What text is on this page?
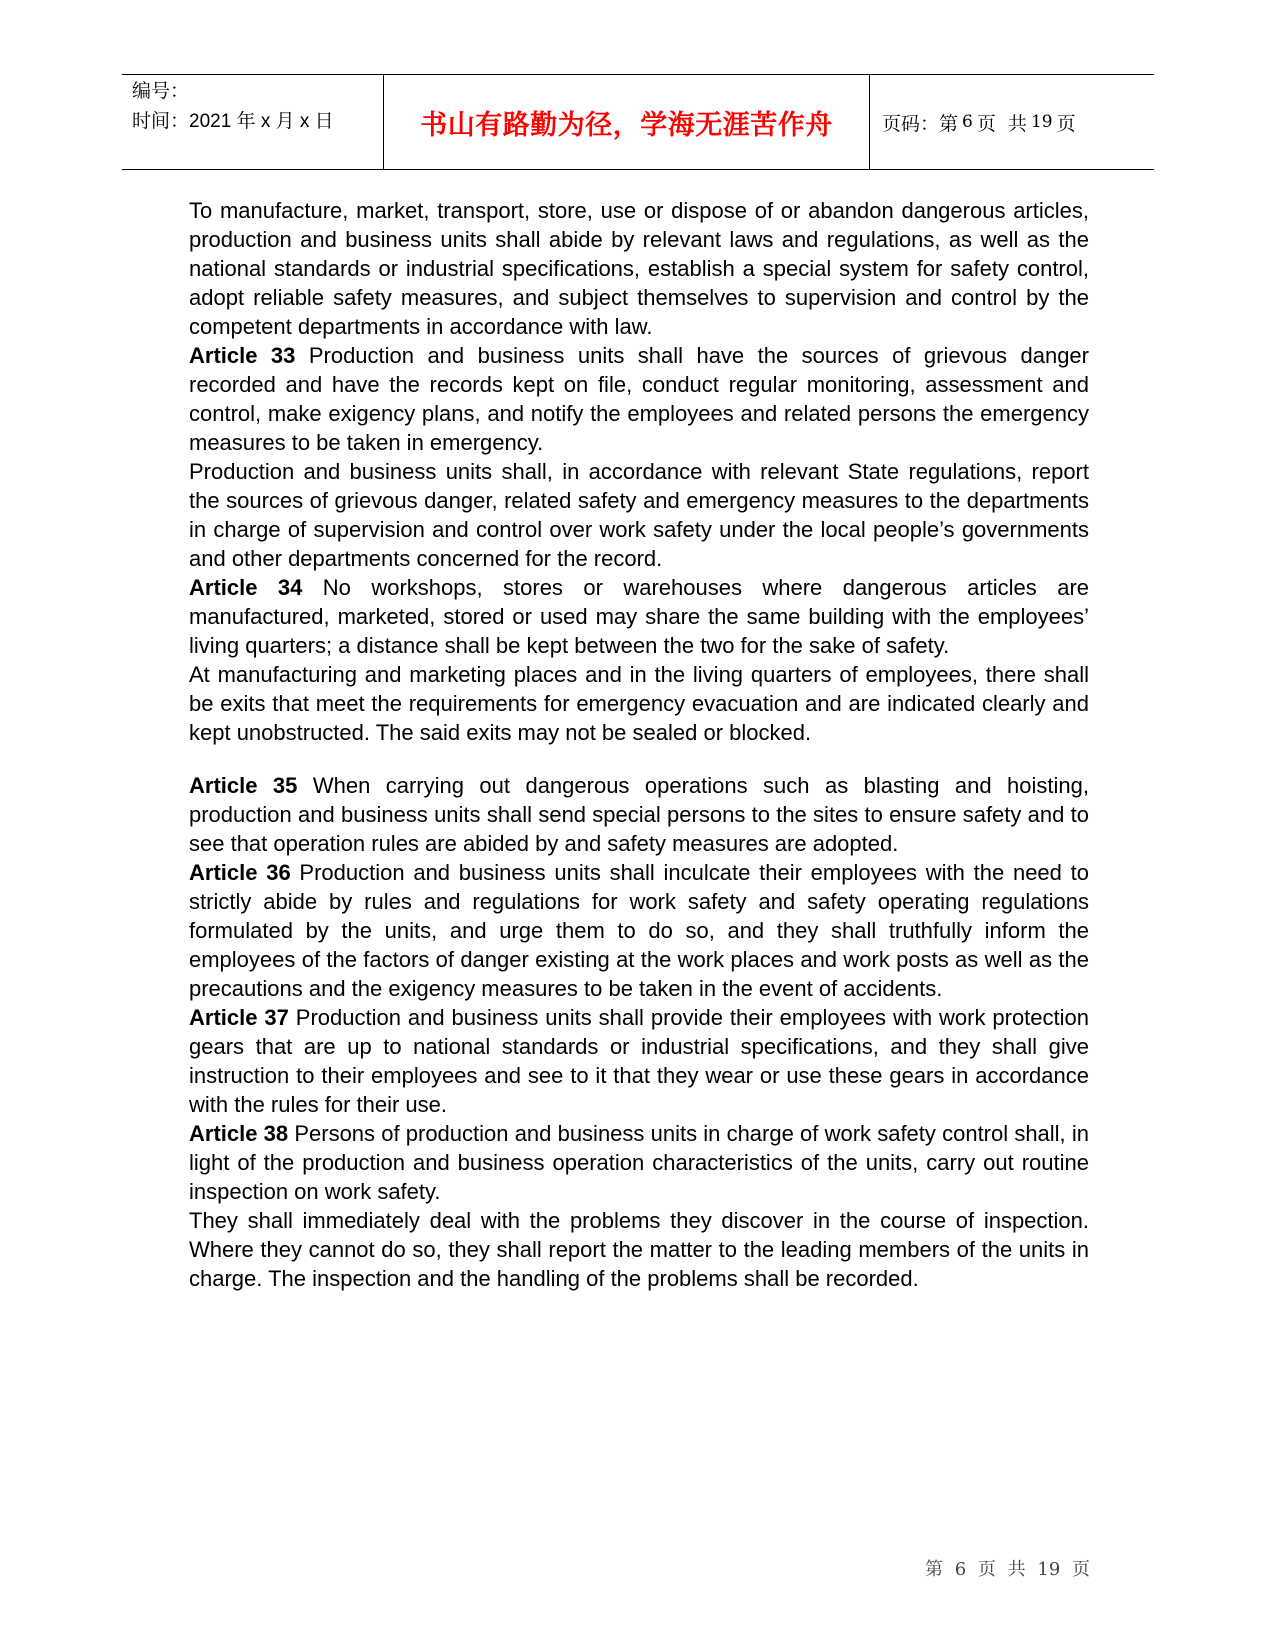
编号：
时间：2021 年 x 月 x 日	书山有路勤为径，学海无涯苦作舟	页码：第 6 页  共 19 页

To manufacture, market, transport, store, use or dispose of or abandon dangerous articles, production and business units shall abide by relevant laws and regulations, as well as the national standards or industrial specifications, establish a special system for safety control, adopt reliable safety measures, and subject themselves to supervision and control by the competent departments in accordance with law.

Article 33 Production and business units shall have the sources of grievous danger recorded and have the records kept on file, conduct regular monitoring, assessment and control, make exigency plans, and notify the employees and related persons the emergency measures to be taken in emergency.

Production and business units shall, in accordance with relevant State regulations, report the sources of grievous danger, related safety and emergency measures to the departments in charge of supervision and control over work safety under the local people’s governments and other departments concerned for the record.

Article 34 No workshops, stores or warehouses where dangerous articles are manufactured, marketed, stored or used may share the same building with the employees’ living quarters; a distance shall be kept between the two for the sake of safety.

At manufacturing and marketing places and in the living quarters of employees, there shall be exits that meet the requirements for emergency evacuation and are indicated clearly and kept unobstructed. The said exits may not be sealed or blocked.

Article 35 When carrying out dangerous operations such as blasting and hoisting, production and business units shall send special persons to the sites to ensure safety and to see that operation rules are abided by and safety measures are adopted.

Article 36 Production and business units shall inculcate their employees with the need to strictly abide by rules and regulations for work safety and safety operating regulations formulated by the units, and urge them to do so, and they shall truthfully inform the employees of the factors of danger existing at the work places and work posts as well as the precautions and the exigency measures to be taken in the event of accidents.

Article 37 Production and business units shall provide their employees with work protection gears that are up to national standards or industrial specifications, and they shall give instruction to their employees and see to it that they wear or use these gears in accordance with the rules for their use.

Article 38 Persons of production and business units in charge of work safety control shall, in light of the production and business operation characteristics of the units, carry out routine inspection on work safety.

They shall immediately deal with the problems they discover in the course of inspection. Where they cannot do so, they shall report the matter to the leading members of the units in charge. The inspection and the handling of the problems shall be recorded.

第 6 页 共 19 页
